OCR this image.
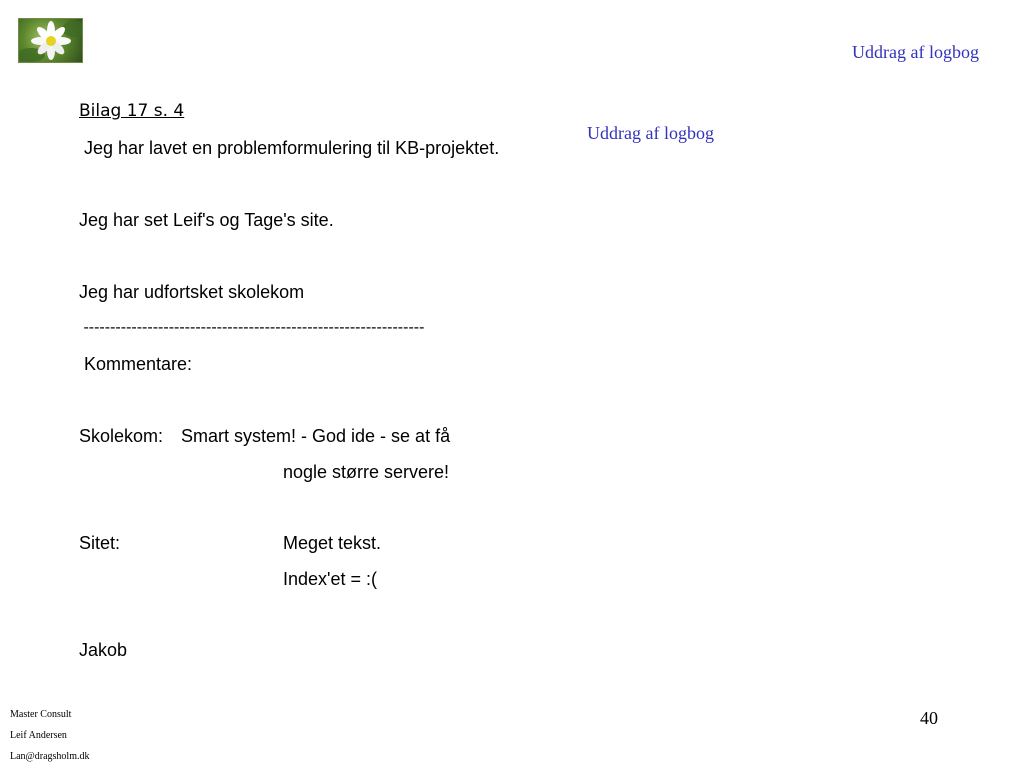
Uddrag af logbog
Uddrag af logbog
Bilag 17 s. 4
Jeg har lavet en problemformulering til KB-projektet.
Jeg har set Leif's og Tage's site.
Jeg har udfortsket skolekom
----------------------------------------------------------------
Kommentare:
Skolekom: Smart system! - God ide - se at få
nogle større servere!
Sitet:	Meget tekst.
Index'et = :(
Jakob
Master Consult
Leif Andersen
Lan@dragsholm.dk
40
